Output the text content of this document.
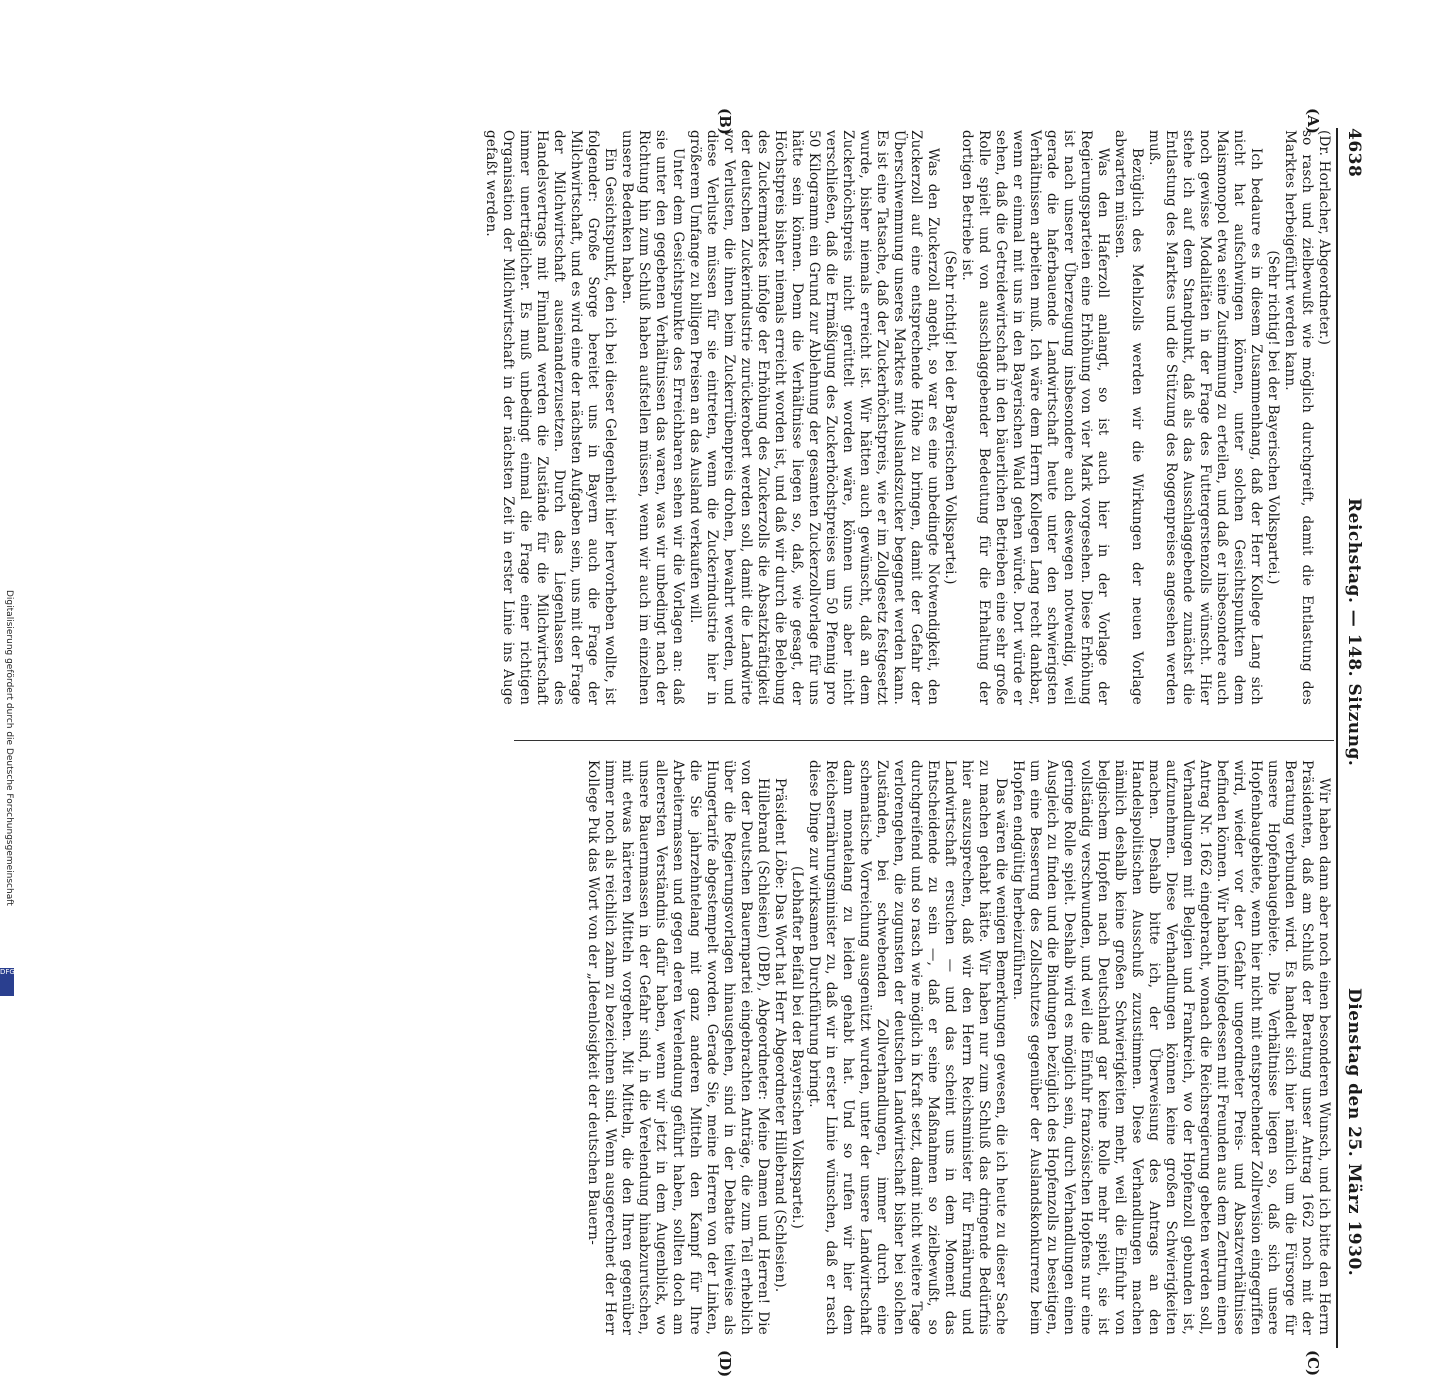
4638
Reichstag. — 148. Sitzung.
Dienstag den 25. März 1930.
(A)
(B)
(C)
(D)

(Dr. Horlacher, Abgeordneter.)

so rasch und zielbewußt wie möglich durchgreift, damit die Entlastung des Marktes herbeigeführt werden kann.

(Sehr richtig! bei der Bayerischen Volkspartei.)

Ich bedaure es in diesem Zusammenhang, daß der Herr Kollege Lang sich nicht hat aufschwingen können, unter solchen Gesichtspunkten dem Maismonopol etwa seine Zustimmung zu erteilen, und daß er insbesondere auch noch gewisse Modalitäten in der Frage des Futtergerstenzolls wünscht. Hier stehe ich auf dem Standpunkt, daß als das Ausschlaggebende zunächst die Entlastung des Marktes und die Stützung des Roggenpreises angesehen werden muß.

Bezüglich des Mehlzolls werden wir die Wirkungen der neuen Vorlage abwarten müssen.

Was den Haferzoll anlangt, so ist auch hier in der Vorlage der Regierungsparteien eine Erhöhung von vier Mark vorgesehen. Diese Erhöhung ist nach unserer Überzeugung insbesondere auch deswegen notwendig, weil gerade die haferbauende Landwirtschaft heute unter den schwierigsten Verhältnissen arbeiten muß. Ich wäre dem Herrn Kollegen Lang recht dankbar, wenn er einmal mit uns in den Bayerischen Wald gehen würde. Dort würde er sehen, daß die Getreidewirtschaft in den bäuerlichen Betrieben eine sehr große Rolle spielt und von ausschlaggebender Bedeutung für die Erhaltung der dortigen Betriebe ist.

(Sehr richtig! bei der Bayerischen Volkspartei.)

Was den Zuckerzoll angeht, so war es eine unbedingte Notwendigkeit, den Zuckerzoll auf eine entsprechende Höhe zu bringen, damit der Gefahr der Überschwemmung unseres Marktes mit Auslandszucker begegnet werden kann. Es ist eine Tatsache, daß der Zuckerhöchstpreis, wie er im Zollgesetz festgesetzt wurde, bisher niemals erreicht ist. Wir hätten auch gewünscht, daß an dem Zuckerhöchstpreis nicht gerüttelt worden wäre, können uns aber nicht verschließen, daß die Ermäßigung des Zuckerhöchstpreises um 50 Pfennig pro 50 Kilogramm ein Grund zur Ablehnung der gesamten Zuckerzollvorlage für uns hätte sein können. Denn die Verhältnisse liegen so, daß, wie gesagt, der Höchstpreis bisher niemals erreicht worden ist, und daß wir durch die Belebung des Zuckermarktes infolge der Erhöhung des Zuckerzolls die Absatzkräftigkeit der deutschen Zuckerindustrie zurückerobert werden soll, damit die Landwirte vor Verlusten, die ihnen beim Zuckerrübenpreis drohen, bewahrt werden, und diese Verluste müssen für sie eintreten, wenn die Zuckerindustrie hier in größerem Umfange zu billigen Preisen an das Ausland verkaufen will.

Unter dem Gesichtspunkte des Erreichbaren sehen wir die Vorlagen an: daß sie unter den gegebenen Verhältnissen das waren, was wir unbedingt nach der Richtung hin zum Schluß haben aufstellen müssen, wenn wir auch im einzelnen unsere Bedenken haben.

Ein Gesichtspunkt, den ich bei dieser Gelegenheit hier hervorheben wollte, ist folgender: Große Sorge bereitet uns in Bayern auch die Frage der Milchwirtschaft, und es wird eine der nächsten Aufgaben sein, uns mit der Frage der Milchwirtschaft auseinanderzusetzen. Durch das Liegenlassen des Handelsvertrags mit Finnland werden die Zustände für die Milchwirtschaft immer unerträglicher. Es muß unbedingt einmal die Frage einer richtigen Organisation der Milchwirtschaft in der nächsten Zeit in erster Linie ins Auge gefaßt werden.

Wir haben dann aber noch einen besonderen Wunsch, und ich bitte den Herrn Präsidenten, daß am Schluß der Beratung unser Antrag 1662 noch mit der Beratung verbunden wird. Es handelt sich hier nämlich um die Fürsorge für unsere Hopfenbaugebiete. Die Verhältnisse liegen so, daß sich unsere Hopfenbaugebiete, wenn hier nicht mit entsprechender Zollrevision eingegriffen wird, wieder vor der Gefahr ungeordneter Preis- und Absatzverhältnisse befinden können. Wir haben infolgedessen mit Freunden aus dem Zentrum einen Antrag Nr. 1662 eingebracht, wonach die Reichsregierung gebeten werden soll, Verhandlungen mit Belgien und Frankreich, wo der Hopfenzoll gebunden ist, aufzunehmen. Diese Verhandlungen können keine großen Schwierigkeiten machen. Deshalb bitte ich, der Überweisung des Antrags an den Handelspolitischen Ausschuß zuzustimmen. Diese Verhandlungen machen nämlich deshalb keine großen Schwierigkeiten mehr, weil die Einfuhr von belgischem Hopfen nach Deutschland gar keine Rolle mehr spielt, sie ist vollständig verschwunden, und weil die Einfuhr französischen Hopfens nur eine geringe Rolle spielt. Deshalb wird es möglich sein, durch Verhandlungen einen Ausgleich zu finden und die Bindungen bezüglich des Hopfenzolls zu beseitigen, um eine Besserung des Zollschutzes gegenüber der Auslandskonkurrenz beim Hopfen endgültig herbeizuführen.

Das wären die wenigen Bemerkungen gewesen, die ich heute zu dieser Sache zu machen gehabt hätte. Wir haben nur zum Schluß das dringende Bedürfnis hier auszusprechen, daß wir den Herrn Reichsminister für Ernährung und Landwirtschaft ersuchen — und das scheint uns in dem Moment das Entscheidende zu sein —, daß er seine Maßnahmen so zielbewußt, so durchgreifend und so rasch wie möglich in Kraft setzt, damit nicht weitere Tage verlorengehen, die zugunsten der deutschen Landwirtschaft bisher bei solchen Zuständen, bei schwebenden Zollverhandlungen, immer durch eine schematische Vorreichung ausgenützt wurden, unter der unsere Landwirtschaft dann monatelang zu leiden gehabt hat. Und so rufen wir hier dem Reichsernährungsminister zu, daß wir in erster Linie wünschen, daß er rasch diese Dinge zur wirksamen Durchführung bringt.

(Lebhafter Beifall bei der Bayerischen Volkspartei.)

Präsident Löbe: Das Wort hat Herr Abgeordneter Hillebrand (Schlesien).

Hillebrand (Schlesien) (DBP), Abgeordneter: Meine Damen und Herren! Die von der Deutschen Bauernpartei eingebrachten Anträge, die zum Teil erheblich über die Regierungsvorlagen hinausgehen, sind in der Debatte teilweise als Hungertarife abgestempelt worden. Gerade Sie, meine Herren von der Linken, die Sie jahrzehntelang mit ganz anderen Mitteln den Kampf für Ihre Arbeitermassen und gegen deren Verelendung geführt haben, sollten doch am allerersten Verständnis dafür haben, wenn wir jetzt in dem Augenblick, wo unsere Bauernmassen in der Gefahr sind, in die Verelendung hinabzurutschen, mit etwas härteren Mitteln vorgehen. Mit Mitteln, die den Ihren gegenüber immer noch als reichlich zahm zu bezeichnen sind. Wenn ausgerechnet der Herr Kollege Puk das Wort von der „Ideenlosigkeit der deutschen Bauern-

Digitalisierung gefördert durch die Deutsche Forschungsgemeinschaft
DFG
